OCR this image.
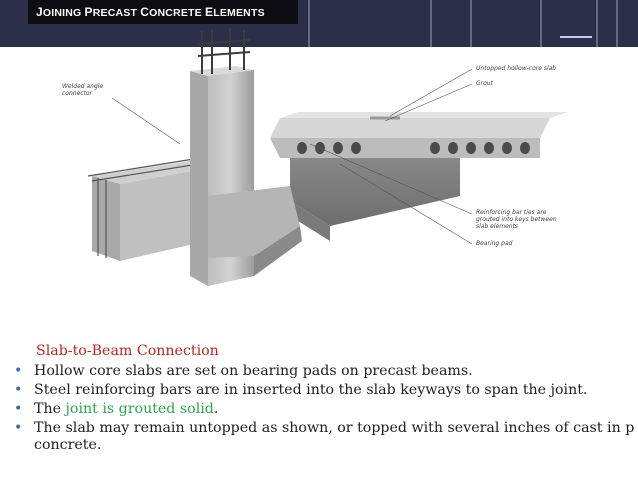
JOINING PRECAST CONCRETE ELEMENTS
Welded angle
connector
Untopped hollow-core slab
Grout
Reinforcing bar ties are
grouted into keys between
slab elements
Bearing pad
Slab-to-Beam Connection
• Hollow core slabs are set on bearing pads on precast beams.
• Steel reinforcing bars are in inserted into the slab keyways to span the joint.
• The joint is grouted solid.
• The slab may remain untopped as shown, or topped with several inches of cast in p
concrete.
